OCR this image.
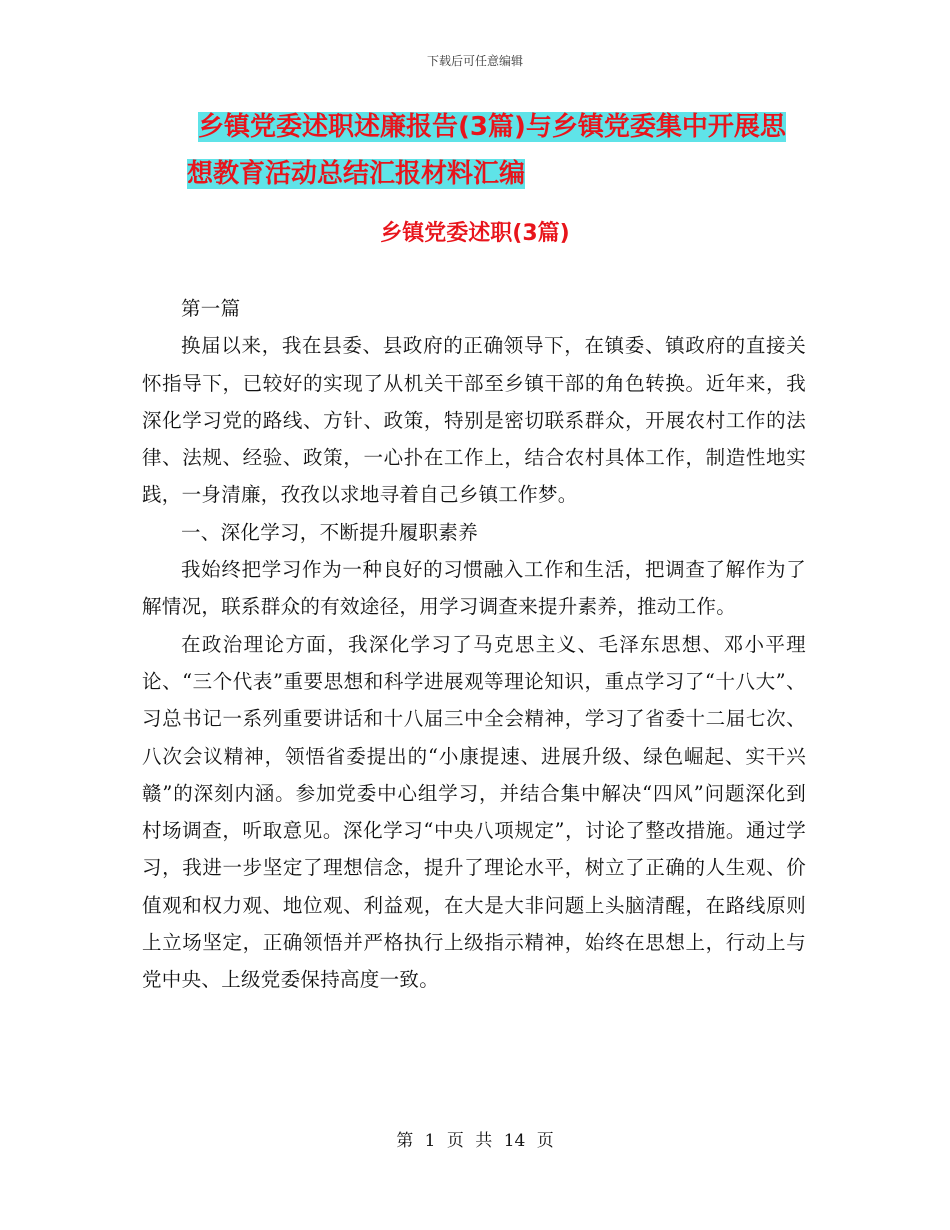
下载后可任意编辑
乡镇党委述职述廉报告(3篇)与乡镇党委集中开展思
想教育活动总结汇报材料汇编
乡镇党委述职(3篇)

第一篇

换届以来，我在县委、县政府的正确领导下，在镇委、镇政府的直接关怀指导下，已较好的实现了从机关干部至乡镇干部的角色转换。近年来，我深化学习党的路线、方针、政策，特别是密切联系群众，开展农村工作的法律、法规、经验、政策，一心扑在工作上，结合农村具体工作，制造性地实践，一身清廉，孜孜以求地寻着自己乡镇工作梦。

一、深化学习，不断提升履职素养

我始终把学习作为一种良好的习惯融入工作和生活，把调查了解作为了解情况，联系群众的有效途径，用学习调查来提升素养，推动工作。

在政治理论方面，我深化学习了马克思主义、毛泽东思想、邓小平理论、“三个代表”重要思想和科学进展观等理论知识，重点学习了“十八大”、习总书记一系列重要讲话和十八届三中全会精神，学习了省委十二届七次、八次会议精神，领悟省委提出的“小康提速、进展升级、绿色崛起、实干兴赣”的深刻内涵。参加党委中心组学习，并结合集中解决“四风”问题深化到村场调查，听取意见。深化学习“中央八项规定”，讨论了整改措施。通过学习，我进一步坚定了理想信念，提升了理论水平，树立了正确的人生观、价值观和权力观、地位观、利益观，在大是大非问题上头脑清醒，在路线原则上立场坚定，正确领悟并严格执行上级指示精神，始终在思想上，行动上与党中央、上级党委保持高度一致。

第 1 页 共 14 页
